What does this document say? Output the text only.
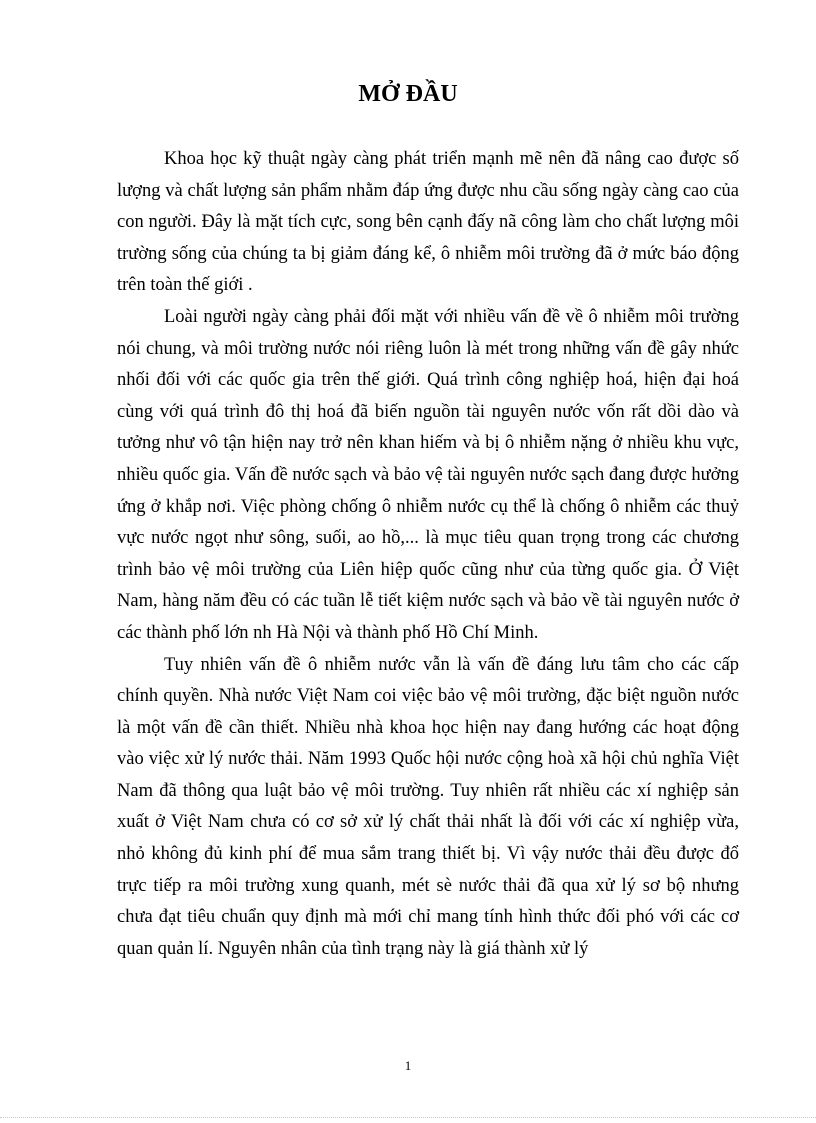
MỞ ĐẦU

Khoa học kỹ thuật ngày càng phát triển mạnh mẽ nên đã nâng cao được số lượng và chất lượng sản phẩm nhằm đáp ứng được nhu cầu sống ngày càng cao của con người. Đây là mặt tích cực, song bên cạnh đấy nã công làm cho chất lượng môi trường sống của chúng ta bị giảm đáng kể, ô nhiễm môi trường đã ở mức báo động trên toàn thế giới .

Loài người ngày càng phải đối mặt với nhiều vấn đề về ô nhiễm môi trường nói chung, và môi trường nước nói riêng luôn là mét trong những vấn đề gây nhức nhối đối với các quốc gia trên thế giới. Quá trình công nghiệp hoá, hiện đại hoá cùng với quá trình đô thị hoá đã biến nguồn tài nguyên nước vốn rất dồi dào và tưởng như vô tận hiện nay trở nên khan hiếm và bị ô nhiễm nặng ở nhiều khu vực, nhiều quốc gia. Vấn đề nước sạch và bảo vệ tài nguyên nước sạch đang được hưởng ứng ở khắp nơi. Việc phòng chống ô nhiễm nước cụ thể là chống ô nhiễm các thuỷ vực nước ngọt như sông, suối, ao hồ,... là mục tiêu quan trọng trong các chương trình bảo vệ môi trường của Liên hiệp quốc cũng như của từng quốc gia. Ở Việt Nam, hàng năm đều có các tuần lễ tiết kiệm nước sạch và bảo về tài nguyên nước ở các thành phố lớn nh Hà Nội và thành phố Hồ Chí Minh.

Tuy nhiên vấn đề ô nhiễm nước vẫn là vấn đề đáng lưu tâm cho các cấp chính quyền. Nhà nước Việt Nam coi việc bảo vệ môi trường, đặc biệt nguồn nước là một vấn đề cần thiết. Nhiều nhà khoa học hiện nay đang hướng các hoạt động vào việc xử lý nước thải. Năm 1993 Quốc hội nước cộng hoà xã hội chủ nghĩa Việt Nam đã thông qua luật bảo vệ môi trường. Tuy nhiên rất nhiều các xí nghiệp sản xuất ở Việt Nam chưa có cơ sở xử lý chất thải nhất là đối với các xí nghiệp vừa, nhỏ không đủ kinh phí để mua sắm trang thiết bị. Vì vậy nước thải đều được đổ trực tiếp ra môi trường xung quanh, mét sè nước thải đã qua xử lý sơ bộ nhưng chưa đạt tiêu chuẩn quy định mà mới chỉ mang tính hình thức đối phó với các cơ quan quản lí. Nguyên nhân của tình trạng này là giá thành xử lý

1
